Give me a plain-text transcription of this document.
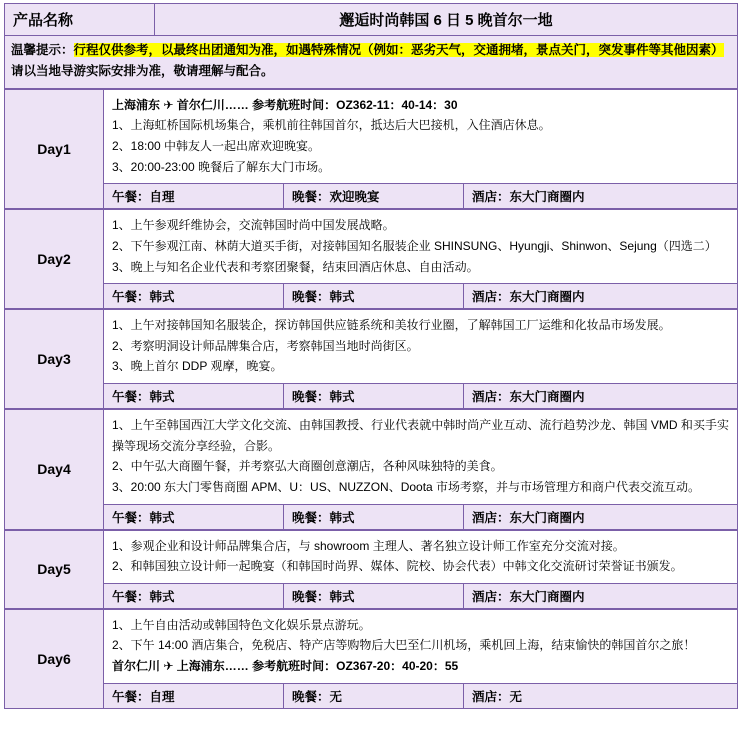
产品名称	邂逅时尚韩国 6 日 5 晚首尔一地
温馨提示：行程仅供参考，以最终出团通知为准，如遇特殊情况（例如：恶劣天气，交通拥堵，景点关门，突发事件等其他因素）
请以当地导游实际安排为准，敬请理解与配合。
Day1
上海浦东 ✈ 首尔仁川…… 参考航班时间：OZ362-11：40-14：30
1、上海虹桥国际机场集合，乘机前往韩国首尔，抵达后大巴接机，入住酒店休息。
2、18:00 中韩友人一起出席欢迎晚宴。
3、20:00-23:00 晚餐后了解东大门市场。
午餐：自理	晚餐：欢迎晚宴	酒店：东大门商圈内
Day2
1、上午参观纤维协会，交流韩国时尚中国发展战略。
2、下午参观江南、林荫大道买手街，对接韩国知名服装企业 SHINSUNG、Hyungji、Shinwon、Sejung（四选二）
3、晚上与知名企业代表和考察团聚餐，结束回酒店休息、自由活动。
午餐：韩式	晚餐：韩式	酒店：东大门商圈内
Day3
1、上午对接韩国知名服装企，探访韩国供应链系统和美妆行业圈，了解韩国工厂运维和化妆品市场发展。
2、考察明洞设计师品牌集合店，考察韩国当地时尚街区。
3、晚上首尔 DDP 观摩，晚宴。
午餐：韩式	晚餐：韩式	酒店：东大门商圈内
Day4
1、上午至韩国西江大学文化交流、由韩国教授、行业代表就中韩时尚产业互动、流行趋势沙龙、韩国 VMD 和买手实操等现场交流分享经验，合影。
2、中午弘大商圈午餐，并考察弘大商圈创意潮店，各种风味独特的美食。
3、20:00 东大门零售商圈 APM、U：US、NUZZON、Doota 市场考察，并与市场管理方和商户代表交流互动。
午餐：韩式	晚餐：韩式	酒店：东大门商圈内
Day5
1、参观企业和设计师品牌集合店，与 showroom 主理人、著名独立设计师工作室充分交流对接。
2、和韩国独立设计师一起晚宴（和韩国时尚界、媒体、院校、协会代表）中韩文化交流研讨荣誉证书颁发。
午餐：韩式	晚餐：韩式	酒店：东大门商圈内
Day6
1、上午自由活动或韩国特色文化娱乐景点游玩。
2、下午 14:00 酒店集合，免税店、特产店等购物后大巴至仁川机场，乘机回上海，结束愉快的韩国首尔之旅！
首尔仁川 ✈ 上海浦东…… 参考航班时间：OZ367-20：40-20：55
午餐：自理	晚餐：无	酒店：无
